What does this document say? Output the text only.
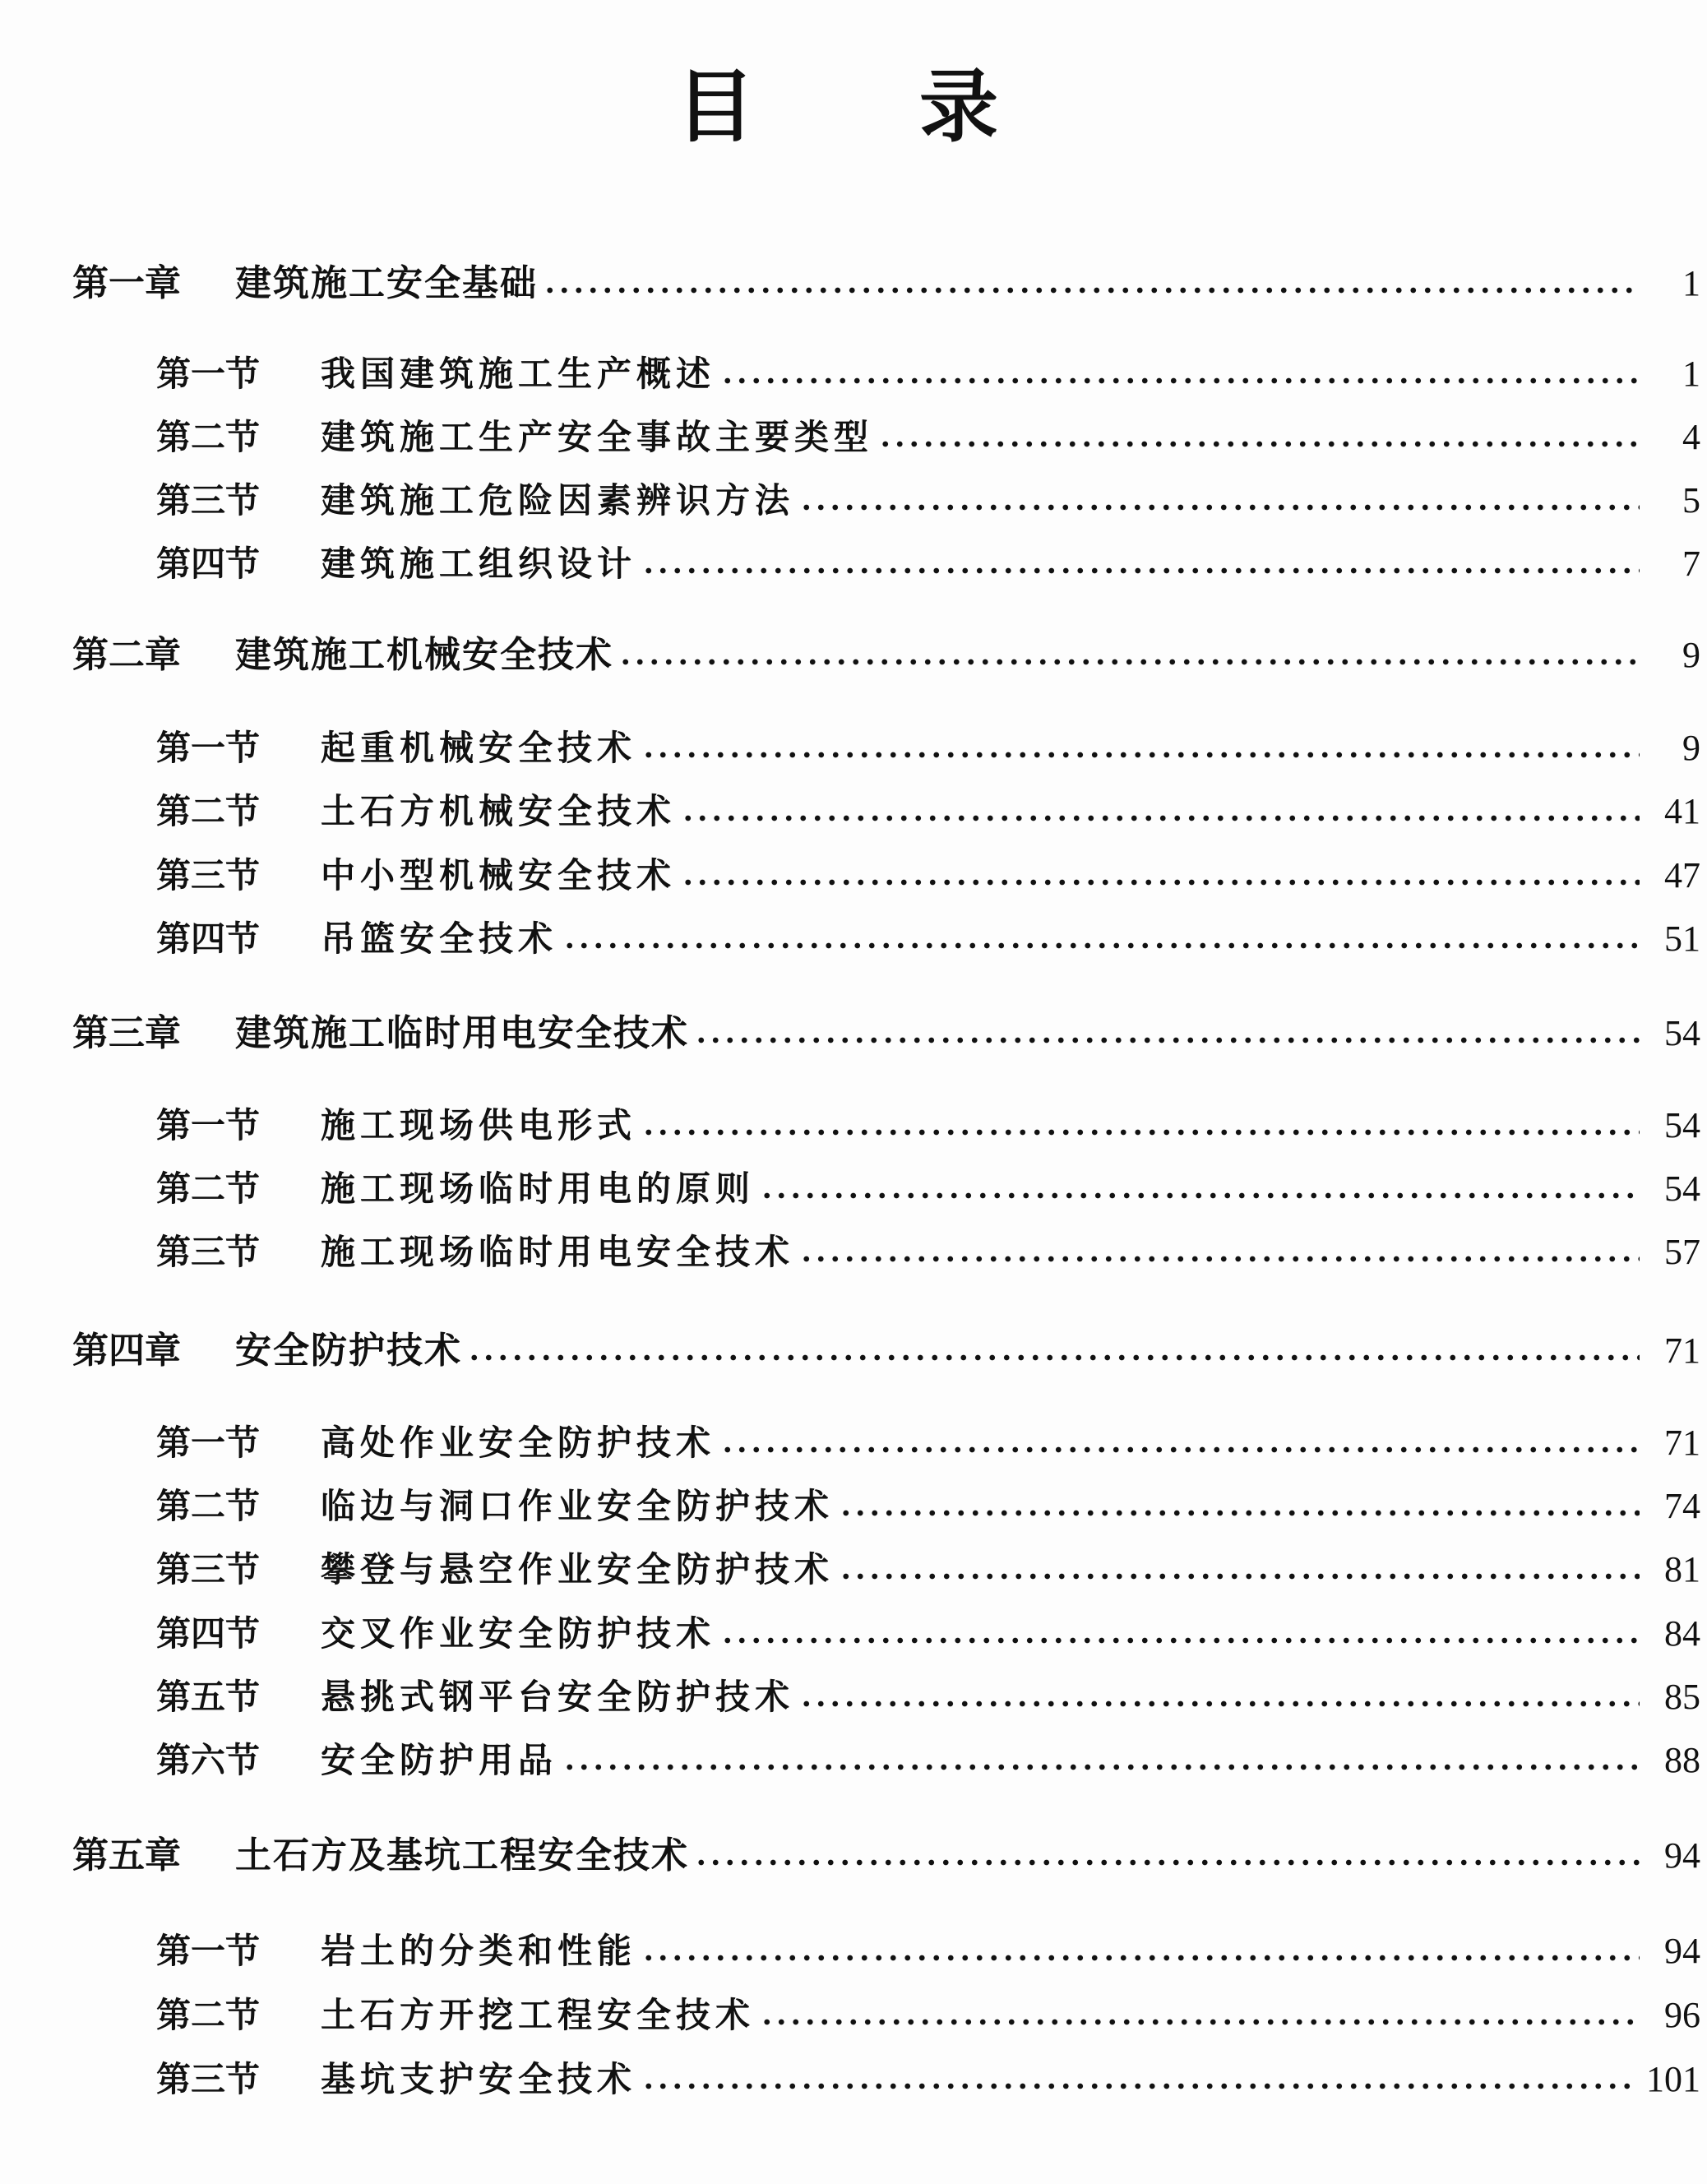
目录
第一章	建筑施工安全基础	1
第一节	我国建筑施工生产概述	1
第二节	建筑施工生产安全事故主要类型	4
第三节	建筑施工危险因素辨识方法	5
第四节	建筑施工组织设计	7
第二章	建筑施工机械安全技术	9
第一节	起重机械安全技术	9
第二节	土石方机械安全技术	41
第三节	中小型机械安全技术	47
第四节	吊篮安全技术	51
第三章	建筑施工临时用电安全技术	54
第一节	施工现场供电形式	54
第二节	施工现场临时用电的原则	54
第三节	施工现场临时用电安全技术	57
第四章	安全防护技术	71
第一节	高处作业安全防护技术	71
第二节	临边与洞口作业安全防护技术	74
第三节	攀登与悬空作业安全防护技术	81
第四节	交叉作业安全防护技术	84
第五节	悬挑式钢平台安全防护技术	85
第六节	安全防护用品	88
第五章	土石方及基坑工程安全技术	94
第一节	岩土的分类和性能	94
第二节	土石方开挖工程安全技术	96
第三节	基坑支护安全技术	101
